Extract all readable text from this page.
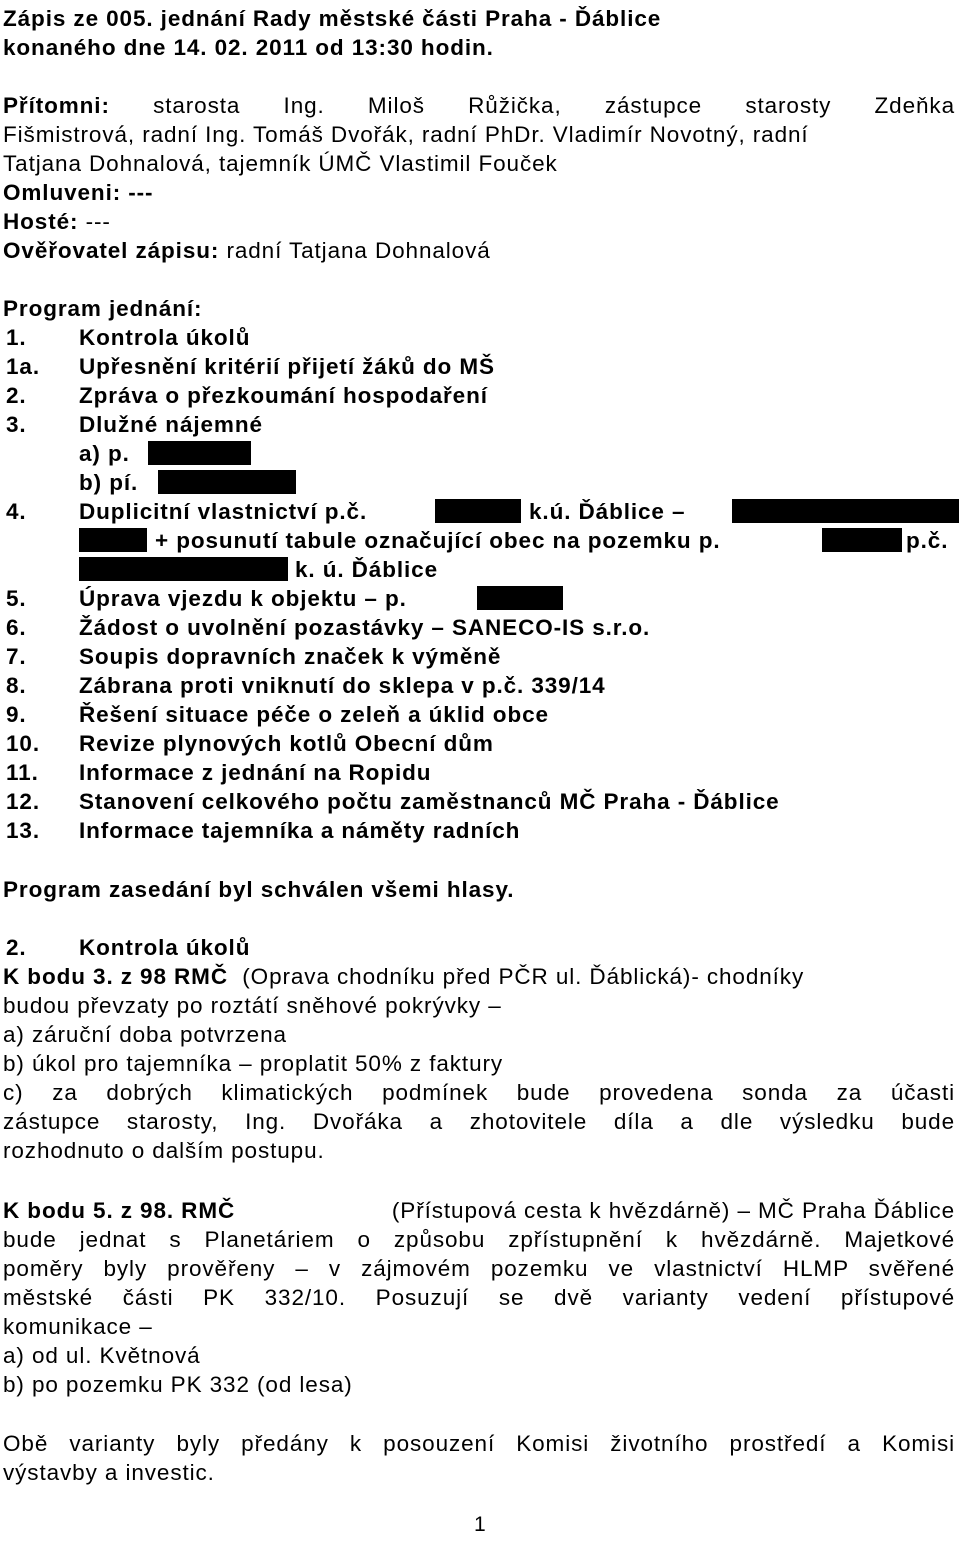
Zápis ze 005. jednání Rady městské části Praha - Ďáblice
konaného dne 14. 02. 2011 od 13:30 hodin.
Přítomni: starosta Ing. Miloš Růžička, zástupce starosty Zdeňka
Fišmistrová, radní Ing. Tomáš Dvořák, radní PhDr. Vladimír Novotný, radní
Tatjana Dohnalová, tajemník ÚMČ Vlastimil Fouček
Omluveni: ---
Hosté: ---
Ověřovatel zápisu: radní Tatjana Dohnalová
Program jednání:
1. Kontrola úkolů
1a. Upřesnění kritérií přijetí žáků do MŠ
2. Zpráva o přezkoumání hospodaření
3. Dlužné nájemné
a) p.
b) pí.
4. Duplicitní vlastnictví p.č.	k.ú. Ďáblice –
+ posunutí tabule označující obec na pozemku p.	p.č.
k. ú. Ďáblice
5. Úprava vjezdu k objektu – p.
6. Žádost o uvolnění pozastávky – SANECO-IS s.r.o.
7. Soupis dopravních značek k výměně
8. Zábrana proti vniknutí do sklepa v p.č. 339/14
9. Řešení situace péče o zeleň a úklid obce
10. Revize plynových kotlů Obecní dům
11. Informace z jednání na Ropidu
12. Stanovení celkového počtu zaměstnanců MČ Praha - Ďáblice
13. Informace tajemníka a náměty radních
Program zasedání byl schválen všemi hlasy.
2. Kontrola úkolů
K bodu 3. z 98 RMČ (Oprava chodníku před PČR ul. Ďáblická)- chodníky
budou převzaty po roztátí sněhové pokrývky –
a) záruční doba potvrzena
b) úkol pro tajemníka – proplatit 50% z faktury
c) za dobrých klimatických podmínek bude provedena sonda za účasti
zástupce starosty, Ing. Dvořáka a zhotovitele díla a dle výsledku bude
rozhodnuto o dalším postupu.
K bodu 5. z 98. RMČ	(Přístupová cesta k hvězdárně) – MČ Praha Ďáblice
bude jednat s Planetáriem o způsobu zpřístupnění k hvězdárně. Majetkové
poměry byly prověřeny – v zájmovém pozemku ve vlastnictví HLMP svěřené
městské části PK 332/10. Posuzují se dvě varianty vedení přístupové
komunikace –
a) od ul. Květnová
b) po pozemku PK 332 (od lesa)
Obě varianty byly předány k posouzení Komisi životního prostředí a Komisi
výstavby a investic.
1
